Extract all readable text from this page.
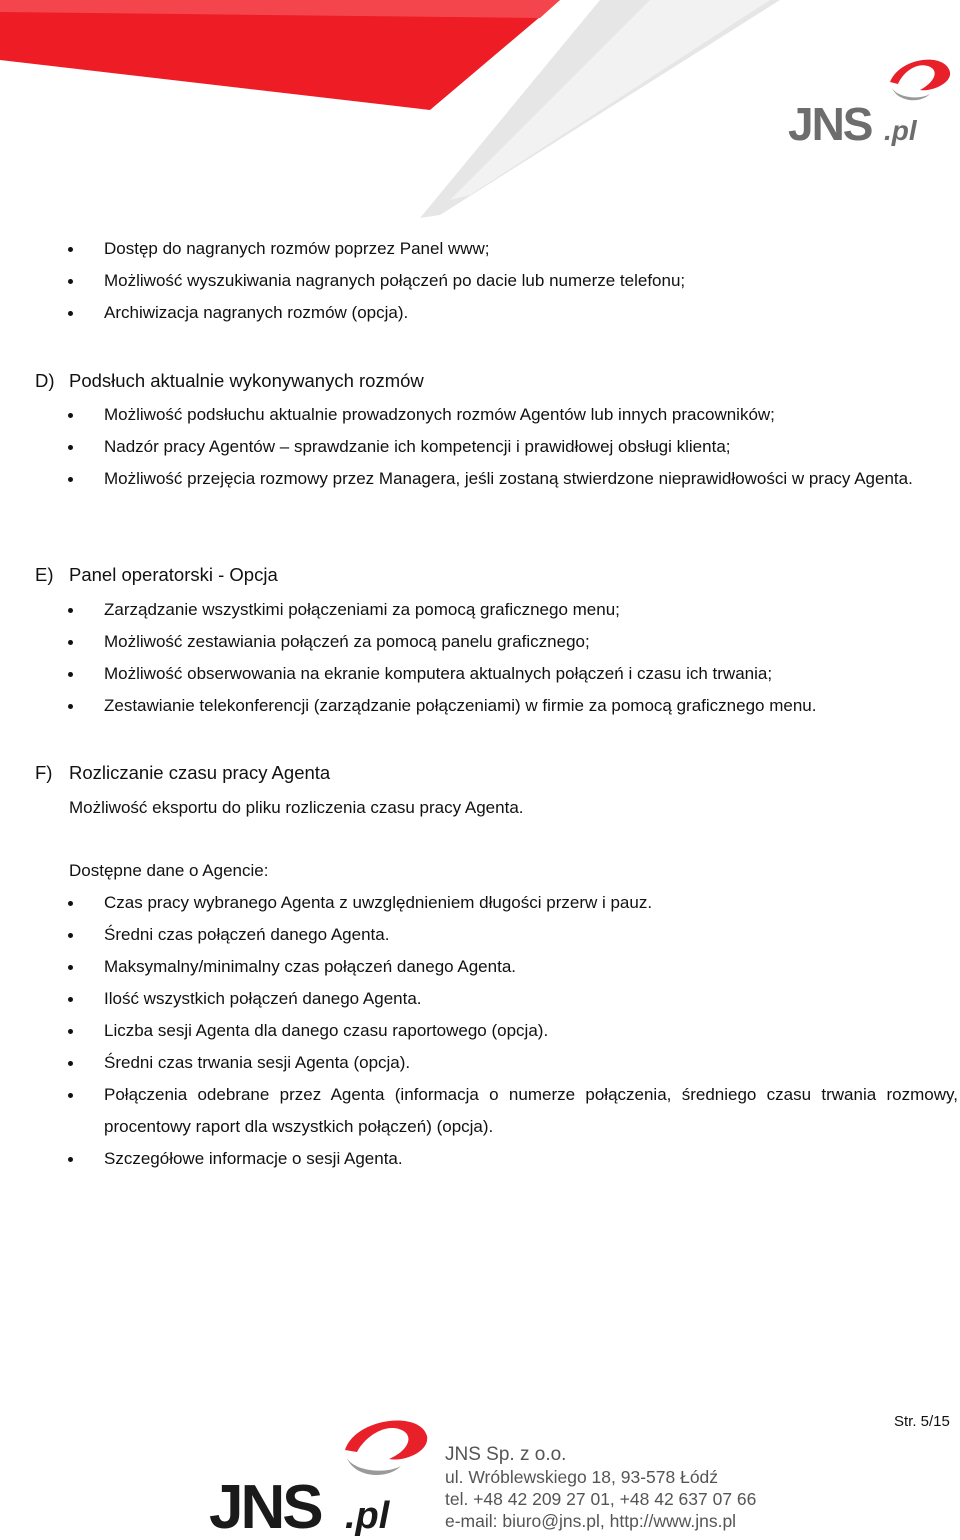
JNS .pl
Dostęp do nagranych rozmów poprzez Panel www;
Możliwość wyszukiwania nagranych połączeń po dacie lub numerze telefonu;
Archiwizacja nagranych rozmów (opcja).
D) Podsłuch aktualnie wykonywanych rozmów
Możliwość podsłuchu aktualnie prowadzonych rozmów Agentów lub innych pracowników;
Nadzór pracy Agentów – sprawdzanie ich kompetencji i prawidłowej obsługi klienta;
Możliwość przejęcia rozmowy przez Managera, jeśli zostaną stwierdzone nieprawidłowości w pracy Agenta.
E) Panel operatorski - Opcja
Zarządzanie wszystkimi połączeniami za pomocą graficznego menu;
Możliwość zestawiania połączeń za pomocą panelu graficznego;
Możliwość obserwowania na ekranie komputera aktualnych połączeń i czasu ich trwania;
Zestawianie telekonferencji (zarządzanie połączeniami) w firmie za pomocą graficznego menu.
F) Rozliczanie czasu pracy Agenta
Możliwość eksportu do pliku rozliczenia czasu pracy Agenta.
Dostępne dane o Agencie:
Czas pracy wybranego Agenta z uwzględnieniem długości przerw i pauz.
Średni czas połączeń danego Agenta.
Maksymalny/minimalny czas połączeń danego Agenta.
Ilość wszystkich połączeń danego Agenta.
Liczba sesji Agenta dla danego czasu raportowego (opcja).
Średni czas trwania sesji Agenta (opcja).
Połączenia odebrane przez Agenta (informacja o numerze połączenia, średniego czasu trwania rozmowy, procentowy raport dla wszystkich połączeń) (opcja).
Szczegółowe informacje o sesji Agenta.
Str. 5/15
JNS .pl
JNS Sp. z o.o.
ul. Wróblewskiego 18, 93-578 Łódź
tel. +48 42 209 27 01, +48 42 637 07 66
e-mail: biuro@jns.pl, http://www.jns.pl
